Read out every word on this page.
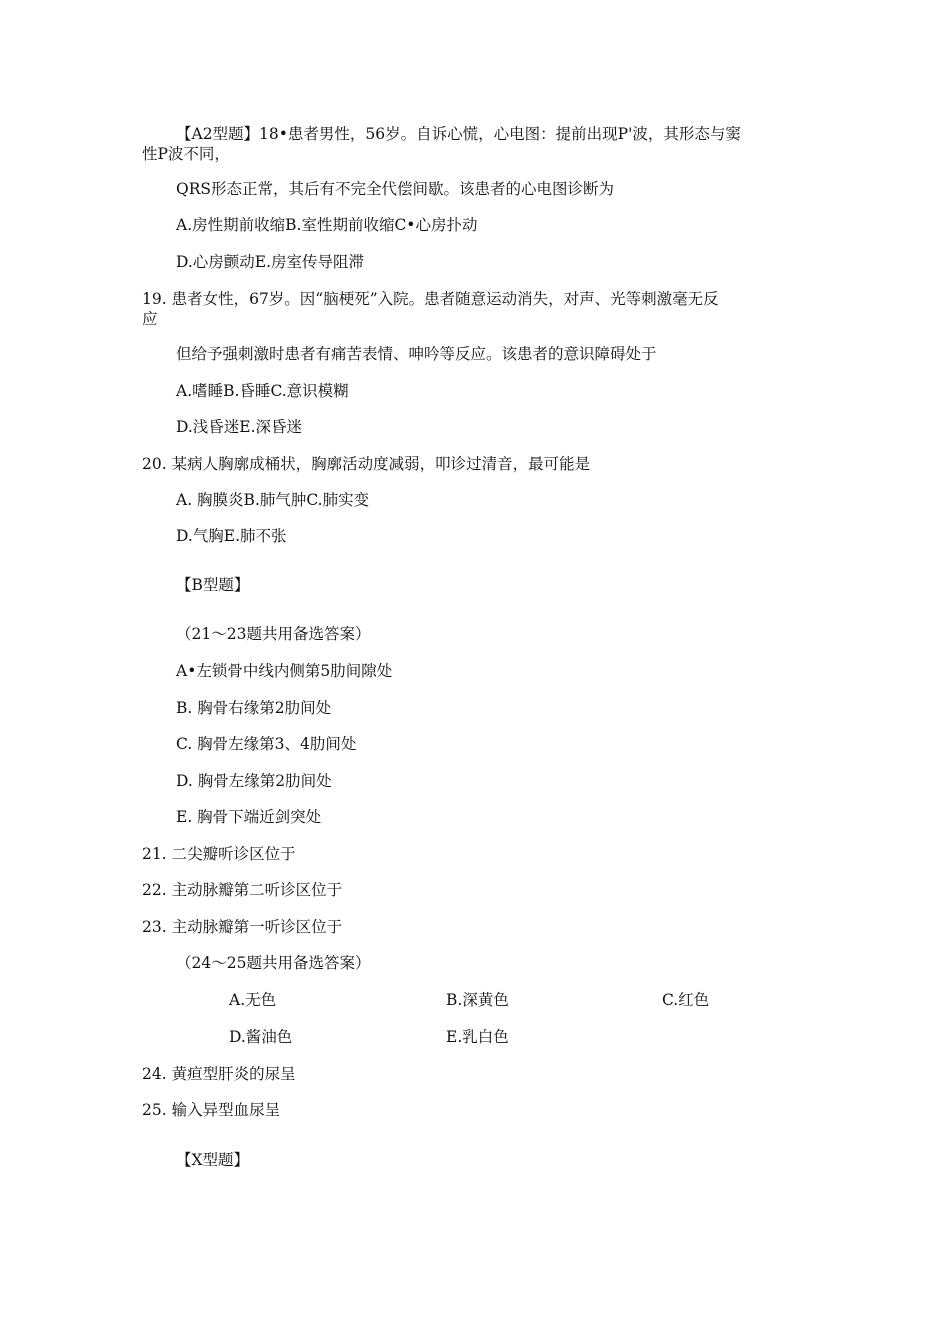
【A2型题】18•患者男性，56岁。自诉心慌，心电图：提前出现P'波，其形态与窦
性P波不同，
QRS形态正常，其后有不完全代偿间歇。该患者的心电图诊断为
A.房性期前收缩B.室性期前收缩C•心房扑动
D.心房颤动E.房室传导阻滞
19. 患者女性，67岁。因“脑梗死”入院。患者随意运动消失，对声、光等刺激毫无反
应
但给予强刺激时患者有痛苦表情、呻吟等反应。该患者的意识障碍处于
A.嗜睡B.昏睡C.意识模糊
D.浅昏迷E.深昏迷
20. 某病人胸廓成桶状，胸廓活动度减弱，叩诊过清音，最可能是
A. 胸膜炎B.肺气肿C.肺实变
D.气胸E.肺不张
【B型题】
（21～23题共用备选答案）
A•左锁骨中线内侧第5肋间隙处
B. 胸骨右缘第2肋间处
C. 胸骨左缘第3、4肋间处
D. 胸骨左缘第2肋间处
E. 胸骨下端近剑突处
21. 二尖瓣听诊区位于
22. 主动脉瓣第二听诊区位于
23. 主动脉瓣第一听诊区位于
（24～25题共用备选答案）
A.无色	B.深黄色	C.红色
D.酱油色	E.乳白色
24. 黄疸型肝炎的尿呈
25. 输入异型血尿呈
【X型题】
